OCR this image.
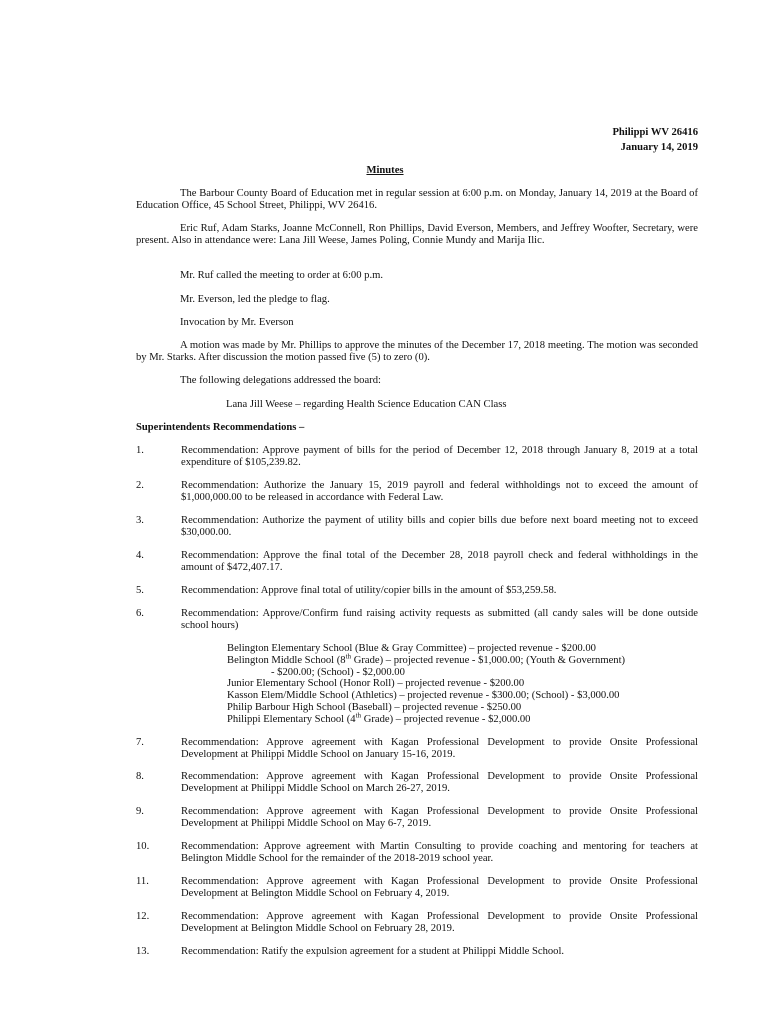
Philippi WV 26416
January 14, 2019
Minutes
The Barbour County Board of Education met in regular session at 6:00 p.m. on Monday, January 14, 2019 at the Board of Education Office, 45 School Street, Philippi, WV 26416.
Eric Ruf, Adam Starks, Joanne McConnell, Ron Phillips, David Everson, Members, and Jeffrey Woofter, Secretary, were present. Also in attendance were: Lana Jill Weese, James Poling, Connie Mundy and Marija Ilic.
Mr. Ruf called the meeting to order at 6:00 p.m.
Mr. Everson, led the pledge to flag.
Invocation by Mr. Everson
A motion was made by Mr. Phillips to approve the minutes of the December 17, 2018 meeting. The motion was seconded by Mr. Starks. After discussion the motion passed five (5) to zero (0).
The following delegations addressed the board:
Lana Jill Weese – regarding Health Science Education CAN Class
Superintendents Recommendations –
1.	Recommendation: Approve payment of bills for the period of December 12, 2018 through January 8, 2019 at a total expenditure of $105,239.82.
2.	Recommendation: Authorize the January 15, 2019 payroll and federal withholdings not to exceed the amount of $1,000,000.00 to be released in accordance with Federal Law.
3.	Recommendation: Authorize the payment of utility bills and copier bills due before next board meeting not to exceed $30,000.00.
4.	Recommendation: Approve the final total of the December 28, 2018 payroll check and federal withholdings in the amount of $472,407.17.
5.	Recommendation: Approve final total of utility/copier bills in the amount of $53,259.58.
6.	Recommendation: Approve/Confirm fund raising activity requests as submitted (all candy sales will be done outside school hours)
Belington Elementary School (Blue & Gray Committee) – projected revenue - $200.00
Belington Middle School (8th Grade) – projected revenue - $1,000.00; (Youth & Government)
- $200.00; (School) - $2,000.00
Junior Elementary School (Honor Roll) – projected revenue - $200.00
Kasson Elem/Middle School (Athletics) – projected revenue - $300.00; (School) - $3,000.00
Philip Barbour High School (Baseball) – projected revenue - $250.00
Philippi Elementary School (4th Grade) – projected revenue - $2,000.00
7.	Recommendation: Approve agreement with Kagan Professional Development to provide Onsite Professional Development at Philippi Middle School on January 15-16, 2019.
8.	Recommendation: Approve agreement with Kagan Professional Development to provide Onsite Professional Development at Philippi Middle School on March 26-27, 2019.
9.	Recommendation: Approve agreement with Kagan Professional Development to provide Onsite Professional Development at Philippi Middle School on May 6-7, 2019.
10.	Recommendation: Approve agreement with Martin Consulting to provide coaching and mentoring for teachers at Belington Middle School for the remainder of the 2018-2019 school year.
11.	Recommendation: Approve agreement with Kagan Professional Development to provide Onsite Professional Development at Belington Middle School on February 4, 2019.
12.	Recommendation: Approve agreement with Kagan Professional Development to provide Onsite Professional Development at Belington Middle School on February 28, 2019.
13.	Recommendation: Ratify the expulsion agreement for a student at Philippi Middle School.
